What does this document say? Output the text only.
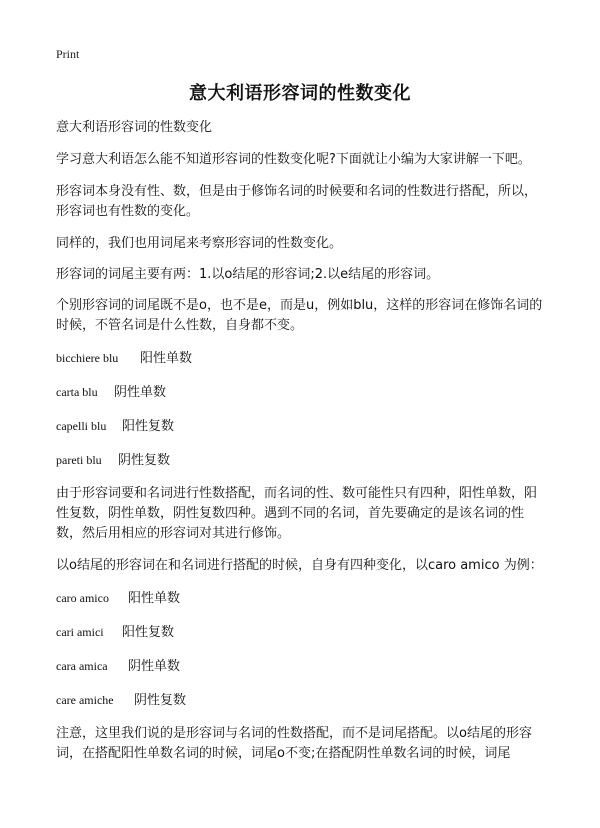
Print
意大利语形容词的性数变化

意大利语形容词的性数变化

学习意大利语怎么能不知道形容词的性数变化呢?下面就让小编为大家讲解一下吧。

形容词本身没有性、数，但是由于修饰名词的时候要和名词的性数进行搭配，所以，形容词也有性数的变化。

同样的，我们也用词尾来考察形容词的性数变化。

形容词的词尾主要有两：1.以o结尾的形容词;2.以e结尾的形容词。

个别形容词的词尾既不是o，也不是e，而是u，例如blu，这样的形容词在修饰名词的时候，不管名词是什么性数，自身都不变。

bicchiere blu 阳性单数
carta blu 阴性单数
capelli blu 阳性复数
pareti blu 阴性复数

由于形容词要和名词进行性数搭配，而名词的性、数可能性只有四种，阳性单数，阳性复数，阴性单数，阴性复数四种。遇到不同的名词，首先要确定的是该名词的性数，然后用相应的形容词对其进行修饰。

以o结尾的形容词在和名词进行搭配的时候，自身有四种变化，以caro amico 为例：

caro amico 阳性单数
cari amici 阳性复数
cara amica 阴性单数
care amiche 阴性复数

注意，这里我们说的是形容词与名词的性数搭配，而不是词尾搭配。以o结尾的形容词，在搭配阳性单数名词的时候，词尾o不变;在搭配阴性单数名词的时候，词尾
